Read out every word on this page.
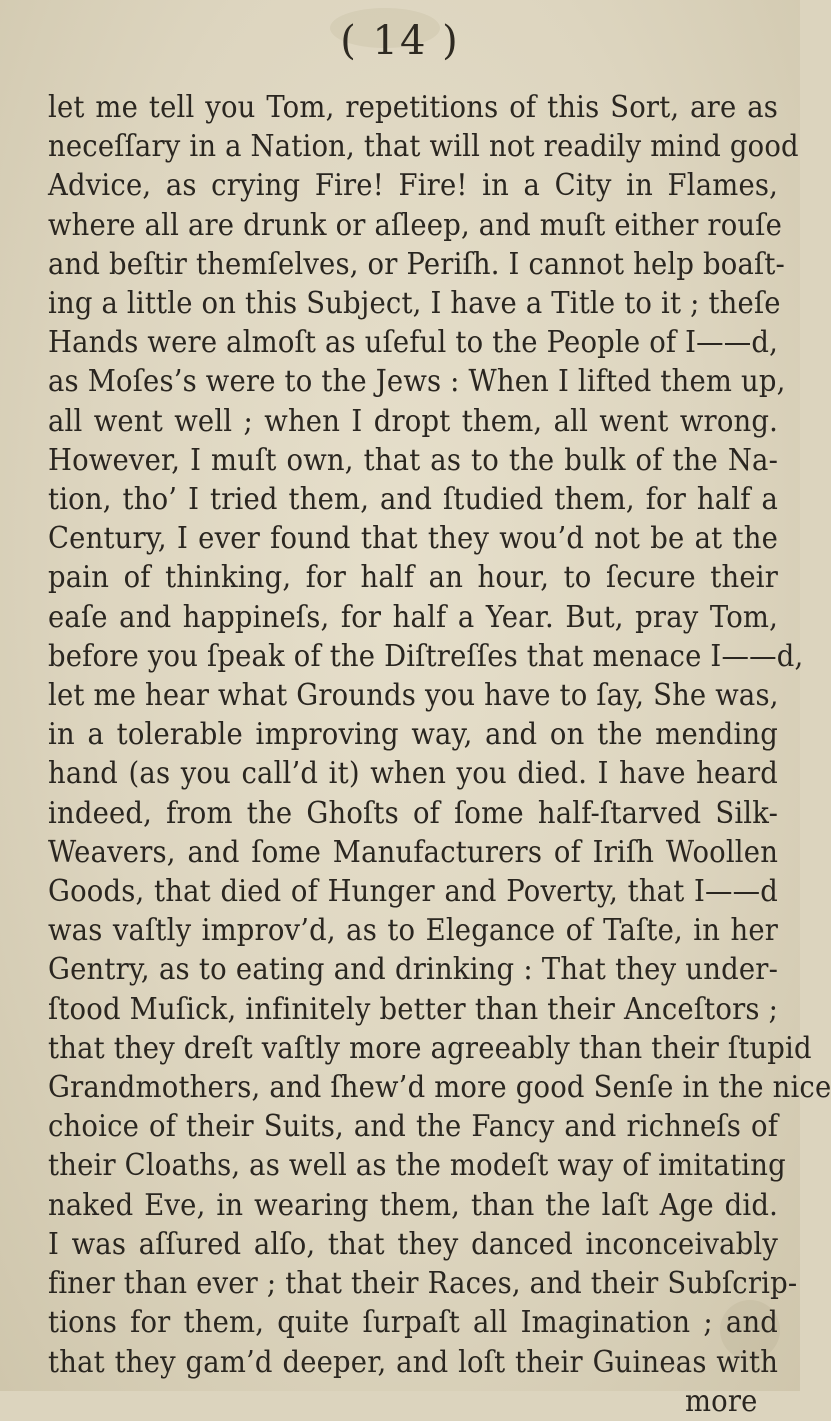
( 14 )
let me tell you Tom, repetitions of this Sort, are as
neceſſary in a Nation, that will not readily mind good
Advice, as crying Fire! Fire! in a City in Flames,
where all are drunk or aſleep, and muſt either rouſe
and beſtir themſelves, or Periſh. I cannot help boaſt-
ing a little on this Subject, I have a Title to it ; theſe
Hands were almoſt as uſeful to the People of I——d,
as Moſes’s were to the Jews : When I lifted them up,
all went well ; when I dropt them, all went wrong.
However, I muſt own, that as to the bulk of the Na-
tion, tho’ I tried them, and ſtudied them, for half a
Century, I ever found that they wou’d not be at the
pain of thinking, for half an hour, to ſecure their
eaſe and happineſs, for half a Year. But, pray Tom,
before you ſpeak of the Diſtreſſes that menace I——d,
let me hear what Grounds you have to ſay, She was,
in a tolerable improving way, and on the mending
hand (as you call’d it) when you died. I have heard
indeed, from the Ghoſts of ſome half-ſtarved Silk-
Weavers, and ſome Manufacturers of Iriſh Woollen
Goods, that died of Hunger and Poverty, that I——d
was vaſtly improv’d, as to Elegance of Taſte, in her
Gentry, as to eating and drinking : That they under-
ſtood Muſick, infinitely better than their Anceſtors ;
that they dreſt vaſtly more agreeably than their ſtupid
Grandmothers, and ſhew’d more good Senſe in the nice
choice of their Suits, and the Fancy and richneſs of
their Cloaths, as well as the modeſt way of imitating
naked Eve, in wearing them, than the laſt Age did.
I was aſſured alſo, that they danced inconceivably
finer than ever ; that their Races, and their Subſcrip-
tions for them, quite ſurpaſt all Imagination ; and
that they gam’d deeper, and loſt their Guineas with
more
